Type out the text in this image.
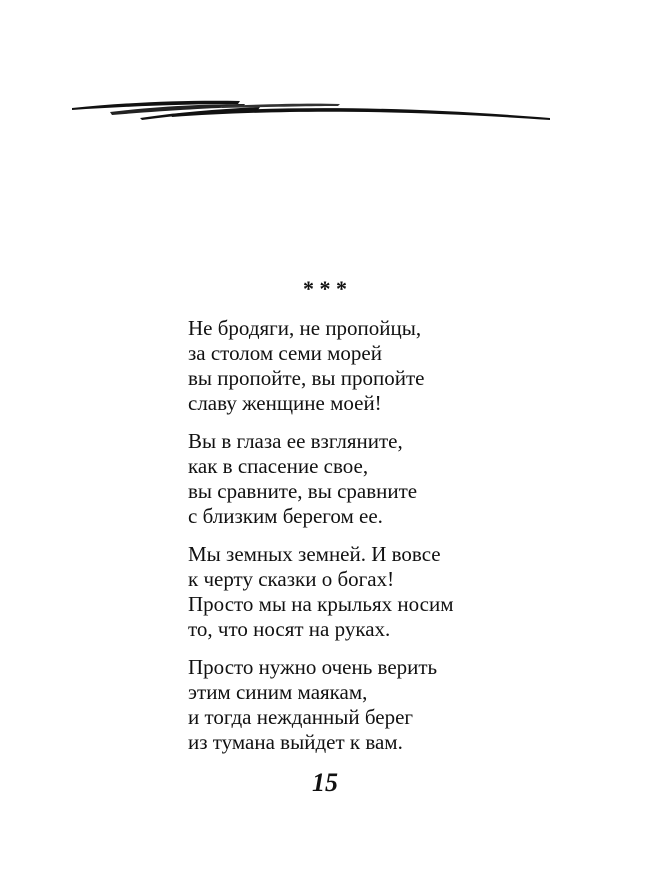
* * *
Не бродяги, не пропойцы,
за столом семи морей
вы пропойте, вы пропойте
славу женщине моей!
Вы в глаза ее взгляните,
как в спасение свое,
вы сравните, вы сравните
с близким берегом ее.
Мы земных земней. И вовсе
к черту сказки о богах!
Просто мы на крыльях носим
то, что носят на руках.
Просто нужно очень верить
этим синим маякам,
и тогда нежданный берег
из тумана выйдет к вам.
15
